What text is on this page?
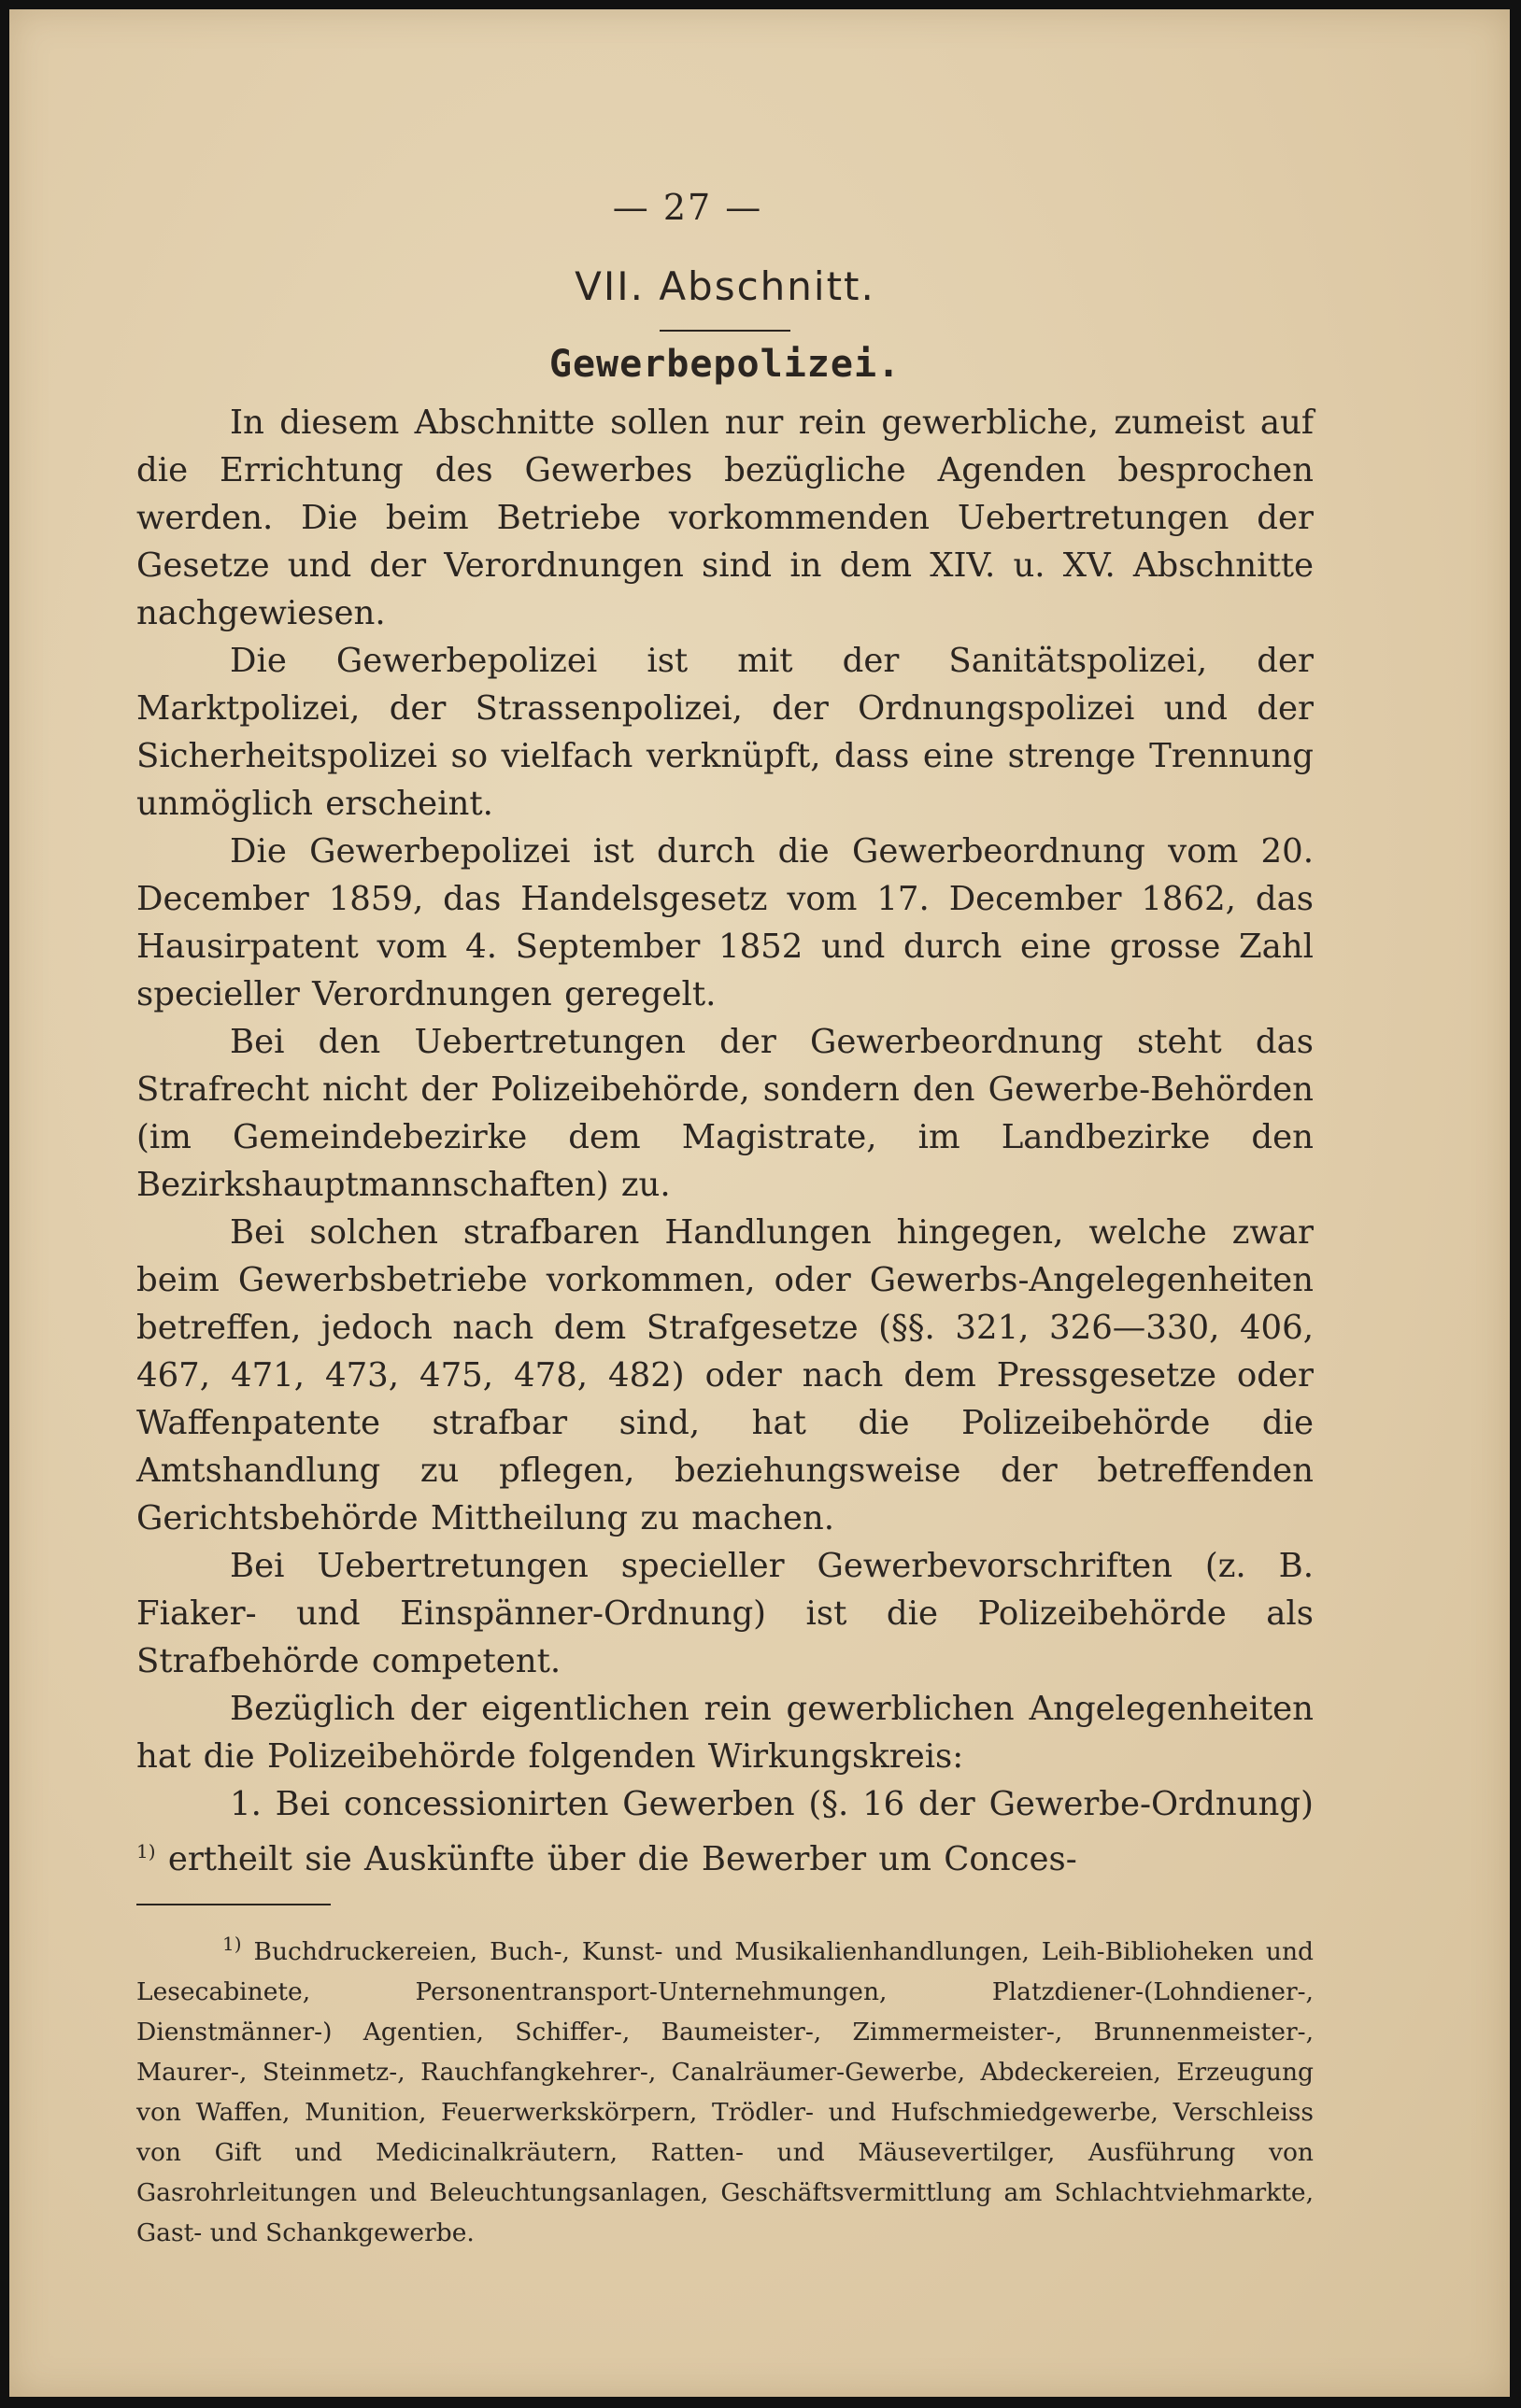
— 27 —
VII. Abschnitt.
Gewerbepolizei.

In diesem Abschnitte sollen nur rein gewerbliche, zumeist auf die Errichtung des Gewerbes bezügliche Agenden besprochen werden. Die beim Betriebe vorkommenden Uebertretungen der Gesetze und der Verordnungen sind in dem XIV. u. XV. Abschnitte nachgewiesen.

Die Gewerbepolizei ist mit der Sanitätspolizei, der Marktpolizei, der Strassenpolizei, der Ordnungspolizei und der Sicherheitspolizei so vielfach verknüpft, dass eine strenge Trennung unmöglich erscheint.

Die Gewerbepolizei ist durch die Gewerbeordnung vom 20. December 1859, das Handelsgesetz vom 17. December 1862, das Hausirpatent vom 4. September 1852 und durch eine grosse Zahl specieller Verordnungen geregelt.

Bei den Uebertretungen der Gewerbeordnung steht das Strafrecht nicht der Polizeibehörde, sondern den Gewerbe-Behörden (im Gemeindebezirke dem Magistrate, im Landbezirke den Bezirkshauptmannschaften) zu.

Bei solchen strafbaren Handlungen hingegen, welche zwar beim Gewerbsbetriebe vorkommen, oder Gewerbs-Angelegenheiten betreffen, jedoch nach dem Strafgesetze (§§. 321, 326—330, 406, 467, 471, 473, 475, 478, 482) oder nach dem Pressgesetze oder Waffenpatente strafbar sind, hat die Polizeibehörde die Amtshandlung zu pflegen, beziehungsweise der betreffenden Gerichtsbehörde Mittheilung zu machen.

Bei Uebertretungen specieller Gewerbevorschriften (z. B. Fiaker- und Einspänner-Ordnung) ist die Polizeibehörde als Strafbehörde competent.

Bezüglich der eigentlichen rein gewerblichen Angelegenheiten hat die Polizeibehörde folgenden Wirkungskreis:

1. Bei concessionirten Gewerben (§. 16 der Gewerbe-Ordnung) $^{1)}$ ertheilt sie Auskünfte über die Bewerber um Conces-

$^{1)}$ Buchdruckereien, Buch-, Kunst- und Musikalienhandlungen, Leih-Biblioheken und Lesecabinete, Personentransport-Unternehmungen, Platzdiener-(Lohndiener-, Dienstmänner-) Agentien, Schiffer-, Baumeister-, Zimmermeister-, Brunnenmeister-, Maurer-, Steinmetz-, Rauchfangkehrer-, Canalräumer-Gewerbe, Abdeckereien, Erzeugung von Waffen, Munition, Feuerwerkskörpern, Trödler- und Hufschmiedgewerbe, Verschleiss von Gift und Medicinalkräutern, Ratten- und Mäusevertilger, Ausführung von Gasrohrleitungen und Beleuchtungsanlagen, Geschäftsvermittlung am Schlachtviehmarkte, Gast- und Schankgewerbe.
